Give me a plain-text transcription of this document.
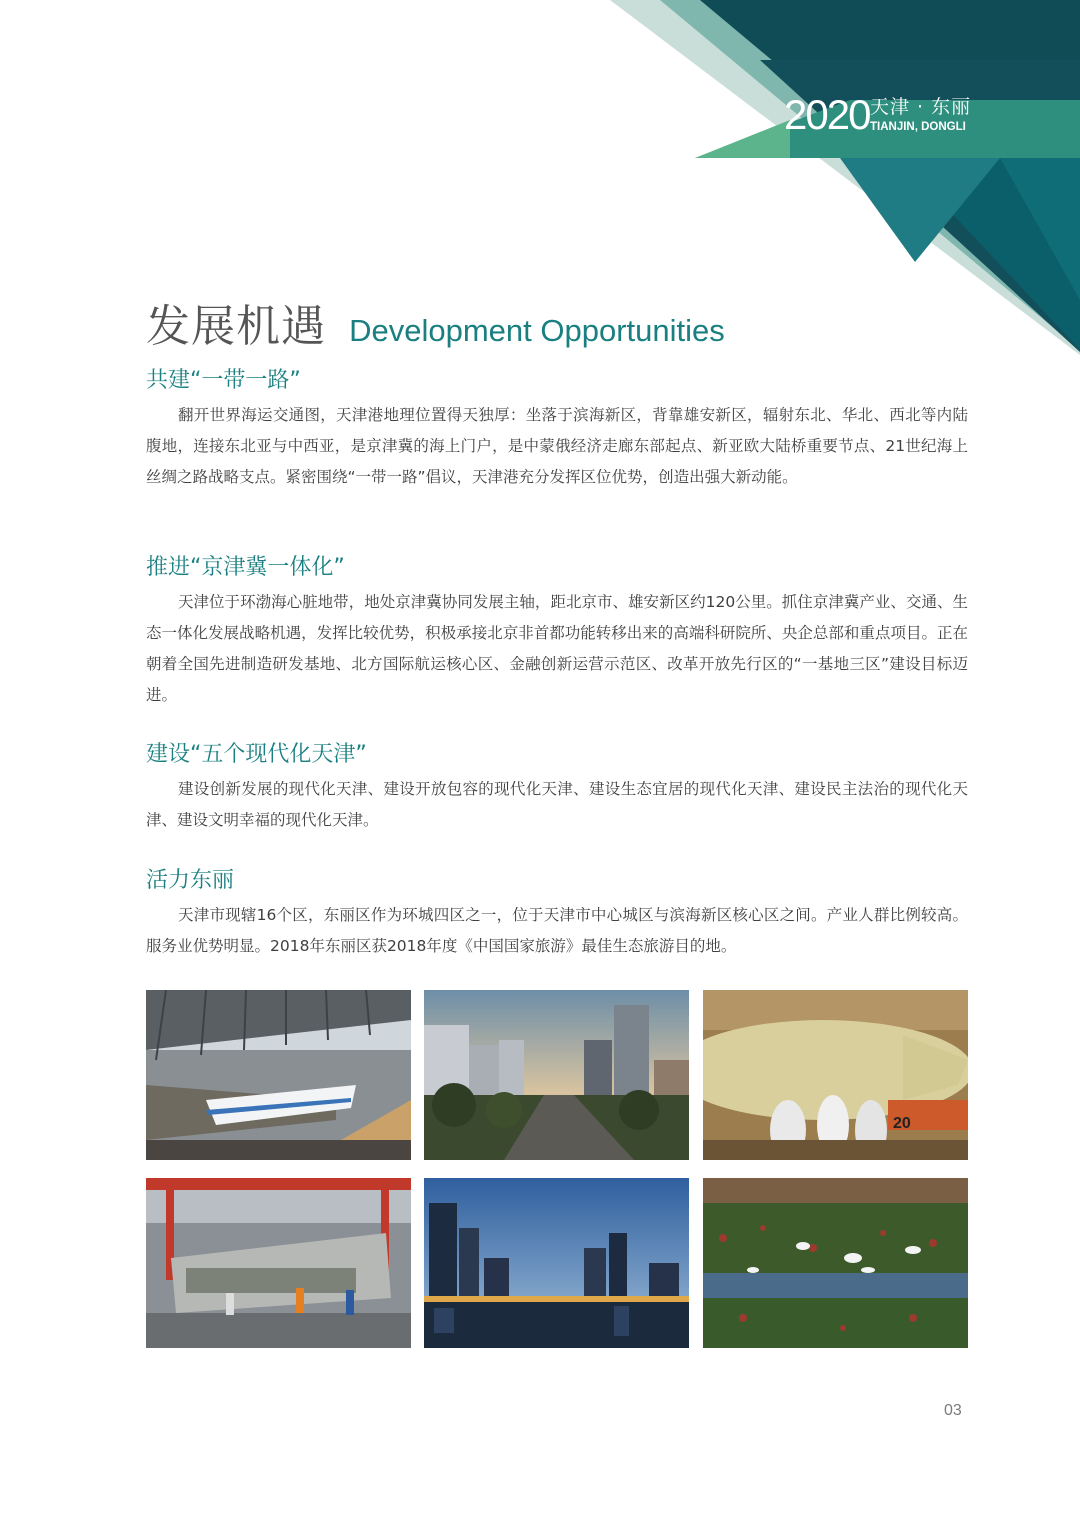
2020 天津 · 东丽
TIANJIN, DONGLI
发展机遇 Development Opportunities
共建“一带一路”

翻开世界海运交通图，天津港地理位置得天独厚：坐落于滨海新区，背靠雄安新区，辐射东北、华北、西北等内陆腹地，连接东北亚与中西亚，是京津冀的海上门户，是中蒙俄经济走廊东部起点、新亚欧大陆桥重要节点、21世纪海上丝绸之路战略支点。紧密围绕“一带一路”倡议，天津港充分发挥区位优势，创造出强大新动能。

推进“京津冀一体化”

天津位于环渤海心脏地带，地处京津冀协同发展主轴，距北京市、雄安新区约120公里。抓住京津冀产业、交通、生态一体化发展战略机遇，发挥比较优势，积极承接北京非首都功能转移出来的高端科研院所、央企总部和重点项目。正在朝着全国先进制造研发基地、北方国际航运核心区、金融创新运营示范区、改革开放先行区的“一基地三区”建设目标迈进。

建设“五个现代化天津”

建设创新发展的现代化天津、建设开放包容的现代化天津、建设生态宜居的现代化天津、建设民主法治的现代化天津、建设文明幸福的现代化天津。

活力东丽

天津市现辖16个区，东丽区作为环城四区之一，位于天津市中心城区与滨海新区核心区之间。产业人群比例较高。服务业优势明显。2018年东丽区获2018年度《中国国家旅游》最佳生态旅游目的地。

20
03
